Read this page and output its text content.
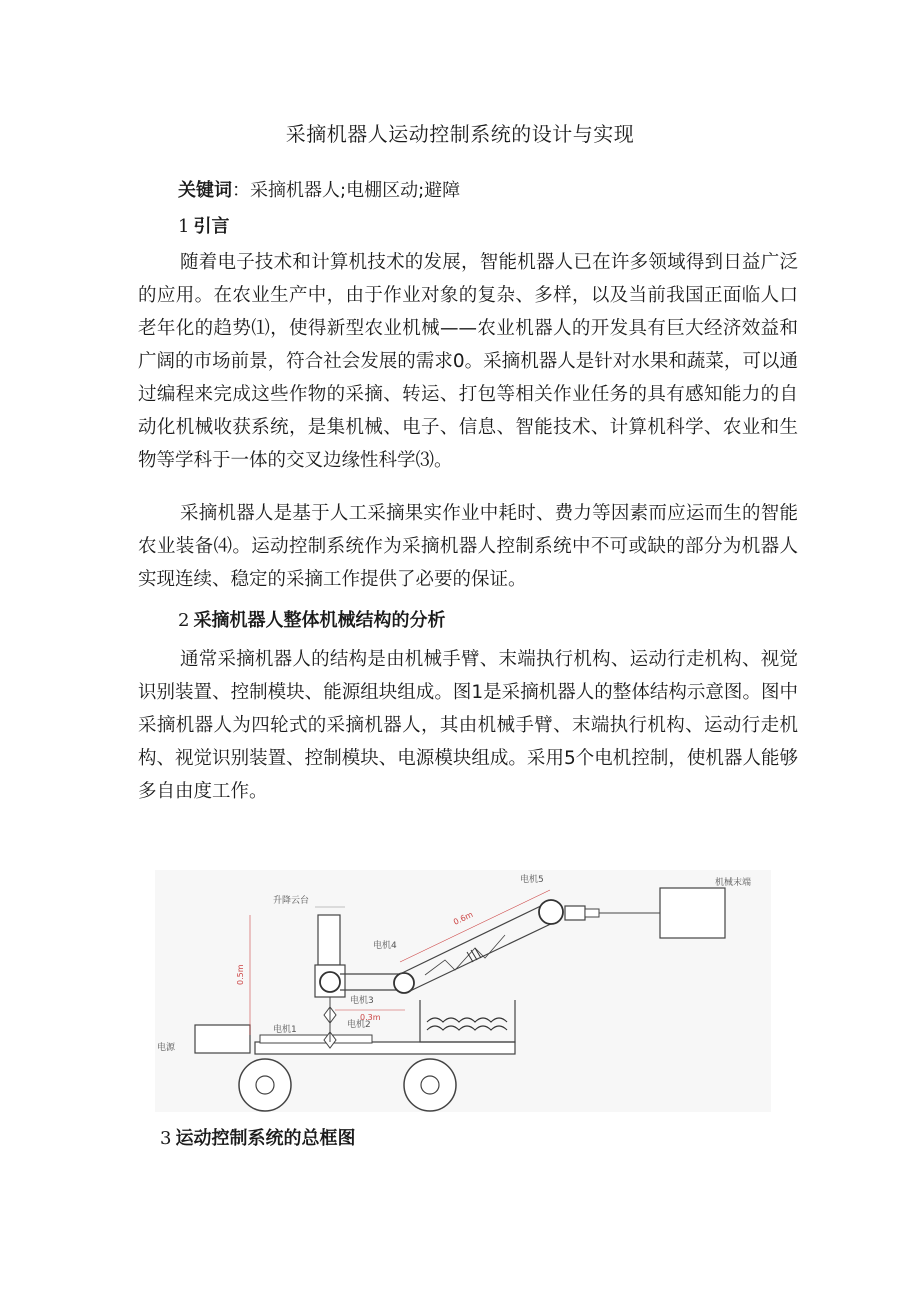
采摘机器人运动控制系统的设计与实现
关键词：采摘机器人;电棚区动;避障
1 引言
随着电子技术和计算机技术的发展，智能机器人已在许多领域得到日益广泛的应用。在农业生产中，由于作业对象的复杂、多样，以及当前我国正面临人口老年化的趋势⑴，使得新型农业机械——农业机器人的开发具有巨大经济效益和广阔的市场前景，符合社会发展的需求0。采摘机器人是针对水果和蔬菜，可以通过编程来完成这些作物的采摘、转运、打包等相关作业任务的具有感知能力的自动化机械收获系统，是集机械、电子、信息、智能技术、计算机科学、农业和生物等学科于一体的交叉边缘性科学⑶。
采摘机器人是基于人工采摘果实作业中耗时、费力等因素而应运而生的智能农业装备⑷。运动控制系统作为采摘机器人控制系统中不可或缺的部分为机器人实现连续、稳定的采摘工作提供了必要的保证。
2 采摘机器人整体机械结构的分析
通常采摘机器人的结构是由机械手臂、末端执行机构、运动行走机构、视觉识别装置、控制模块、能源组块组成。图1是采摘机器人的整体结构示意图。图中采摘机器人为四轮式的采摘机器人，其由机械手臂、末端执行机构、运动行走机构、视觉识别装置、控制模块、电源模块组成。采用5个电机控制，使机器人能够多自由度工作。
电源
升降云台
0.5m
0.3m
电机3
0.6m
电机4
电机5	机械末端
电机1	电机2
3 运动控制系统的总框图
